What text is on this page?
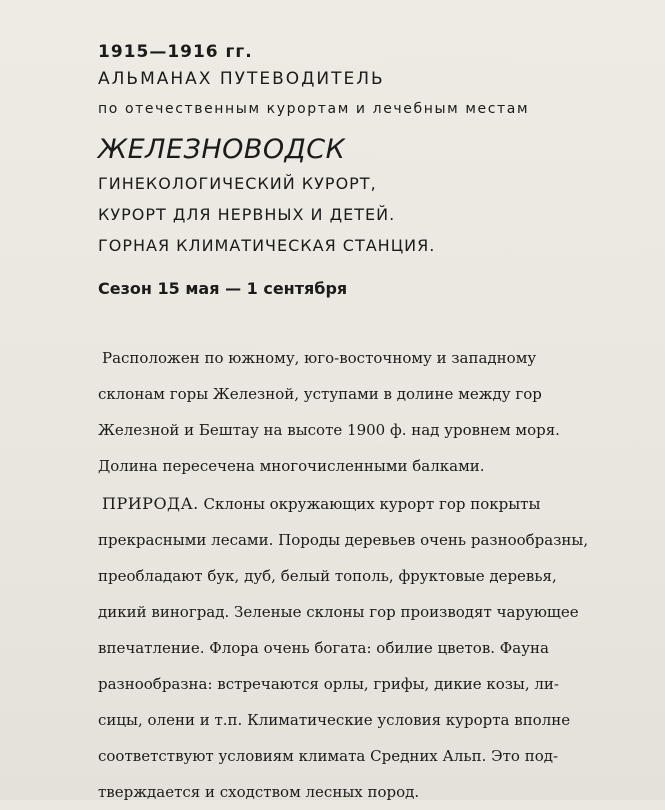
1915—1916 гг.

АЛЬМАНАХ ПУТЕВОДИТЕЛЬ

по отечественным курортам и лечебным местам

ЖЕЛЕЗНОВОДСК

ГИНЕКОЛОГИЧЕСКИЙ КУРОРТ,

КУРОРТ ДЛЯ НЕРВНЫХ И ДЕТЕЙ.

ГОРНАЯ КЛИМАТИЧЕСКАЯ СТАНЦИЯ.

Сезон 15 мая — 1 сентября

Расположен по южному, юго-восточному и западному

склонам горы Железной, уступами в долине между гор

Железной и Бештау на высоте 1900 ф. над уровнем моря.

Долина пересечена многочисленными балками.

ПРИРОДА. Склоны окружающих курорт гор покрыты

прекрасными лесами. Породы деревьев очень разнообразны,

преобладают бук, дуб, белый тополь, фруктовые деревья,

дикий виноград. Зеленые склоны гор производят чарующее

впечатление. Флора очень богата: обилие цветов. Фауна

разнообразна: встречаются орлы, грифы, дикие козы, ли-

сицы, олени и т.п. Климатические условия курорта вполне

соответствуют условиям климата Средних Альп. Это под-

тверждается и сходством лесных пород.
